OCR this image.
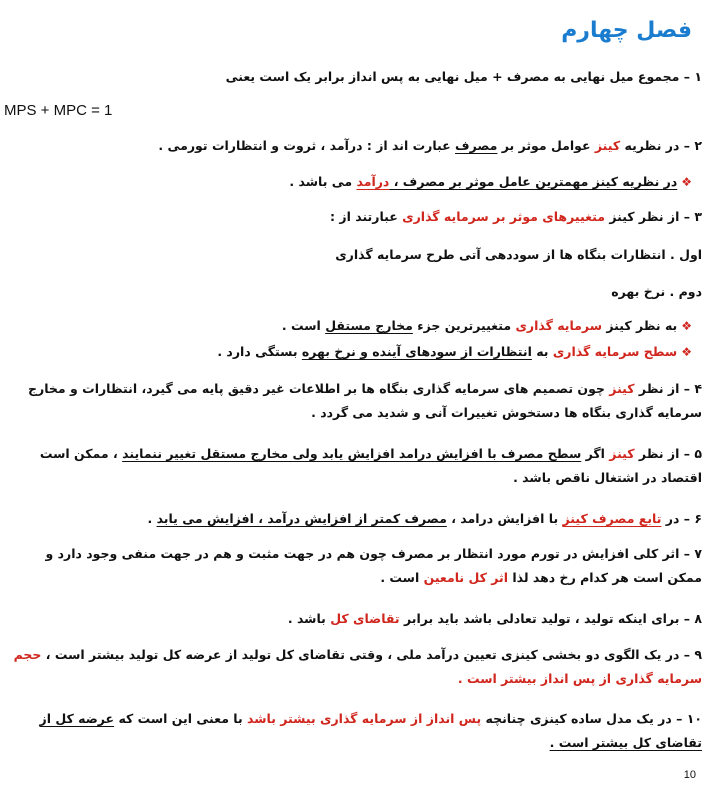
فصل چهارم
۱ – مجموع میل نهایی به مصرف + میل نهایی به پس انداز برابر یک است یعنی
MPS + MPC = 1
۲ – در نظریه کینز عوامل موثر بر مصرف عبارت اند از : درآمد ، ثروت و انتظارات تورمی .
❖در نظریه کینز مهمترین عامل موثر بر مصرف ، درآمد می باشد .
۳ – از نظر کینز متغییرهای موثر بر سرمایه گذاری عبارتند از :
اول . انتظارات بنگاه ها از سوددهی آتی طرح سرمایه گذاری
دوم . نرخ بهره
❖به نظر کینز سرمایه گذاری متغییرترین جزء مخارج مستقل است .
❖سطح سرمایه گذاری به انتظارات از سودهای آینده و نرخ بهره بستگی دارد .
۴ – از نظر کینز چون تصمیم های سرمایه گذاری بنگاه ها بر اطلاعات غیر دقیق پایه می گیرد، انتظارات و مخارج سرمایه گذاری بنگاه ها دستخوش تغییرات آنی و شدید می گردد .
۵ – از نظر کینز اگر سطح مصرف با افزایش درامد افزایش یابد ولی مخارج مستقل تغییر ننمایند ، ممکن است اقتصاد در اشتغال ناقص باشد .
۶ – در تابع مصرف کینز با افزایش درامد ، مصرف کمتر از افزایش درآمد ، افزایش می یابد .
۷ – اثر کلی افزایش در تورم مورد انتظار بر مصرف چون هم در جهت مثبت و هم در جهت منفی وجود دارد و ممکن است هر کدام رخ دهد لذا اثر کل نامعین است .
۸ – برای اینکه تولید ، تولید تعادلی باشد باید برابر تقاضای کل باشد .
۹ – در یک الگوی دو بخشی کینزی تعیین درآمد ملی ، وقتی تقاضای کل تولید از عرضه کل تولید بیشتر است ، حجم سرمایه گذاری از پس انداز بیشتر است .
۱۰ – در یک مدل ساده کینزی چنانچه پس انداز از سرمایه گذاری بیشتر باشد با معنی این است که عرضه کل از تقاضای کل بیشتر است .
10
